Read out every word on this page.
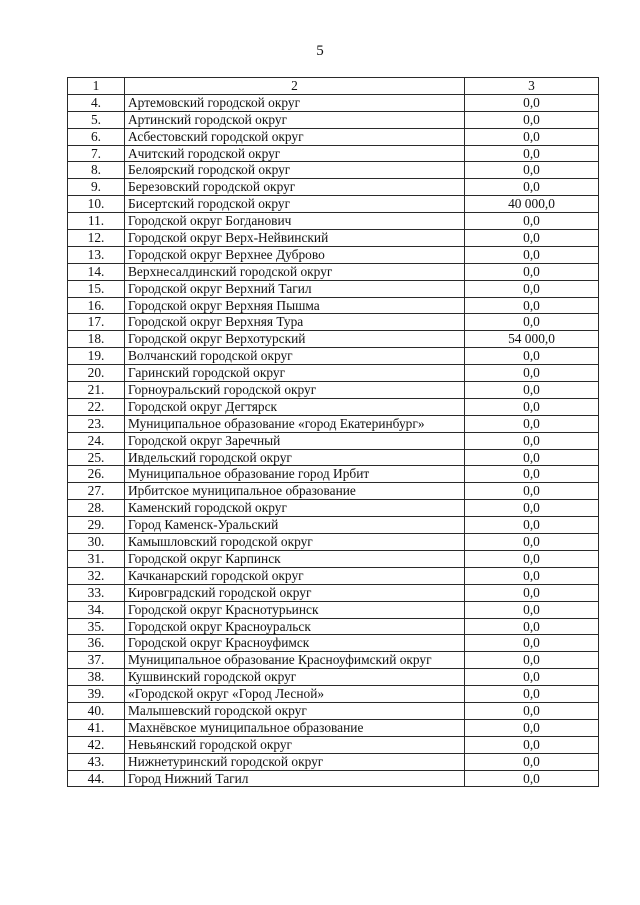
5
1	2	3
4.	Артемовский городской округ	0,0
5.	Артинский городской округ	0,0
6.	Асбестовский городской округ	0,0
7.	Ачитский городской округ	0,0
8.	Белоярский городской округ	0,0
9.	Березовский городской округ	0,0
10.	Бисертский городской округ	40 000,0
11.	Городской округ Богданович	0,0
12.	Городской округ Верх-Нейвинский	0,0
13.	Городской округ Верхнее Дуброво	0,0
14.	Верхнесалдинский городской округ	0,0
15.	Городской округ Верхний Тагил	0,0
16.	Городской округ Верхняя Пышма	0,0
17.	Городской округ Верхняя Тура	0,0
18.	Городской округ Верхотурский	54 000,0
19.	Волчанский городской округ	0,0
20.	Гаринский городской округ	0,0
21.	Горноуральский городской округ	0,0
22.	Городской округ Дегтярск	0,0
23.	Муниципальное образование «город Екатеринбург»	0,0
24.	Городской округ Заречный	0,0
25.	Ивдельский городской округ	0,0
26.	Муниципальное образование город Ирбит	0,0
27.	Ирбитское муниципальное образование	0,0
28.	Каменский городской округ	0,0
29.	Город Каменск-Уральский	0,0
30.	Камышловский городской округ	0,0
31.	Городской округ Карпинск	0,0
32.	Качканарский городской округ	0,0
33.	Кировградский городской округ	0,0
34.	Городской округ Краснотурьинск	0,0
35.	Городской округ Красноуральск	0,0
36.	Городской округ Красноуфимск	0,0
37.	Муниципальное образование Красноуфимский округ	0,0
38.	Кушвинский городской округ	0,0
39.	«Городской округ «Город Лесной»	0,0
40.	Малышевский городской округ	0,0
41.	Махнёвское муниципальное образование	0,0
42.	Невьянский городской округ	0,0
43.	Нижнетуринский городской округ	0,0
44.	Город Нижний Тагил	0,0
